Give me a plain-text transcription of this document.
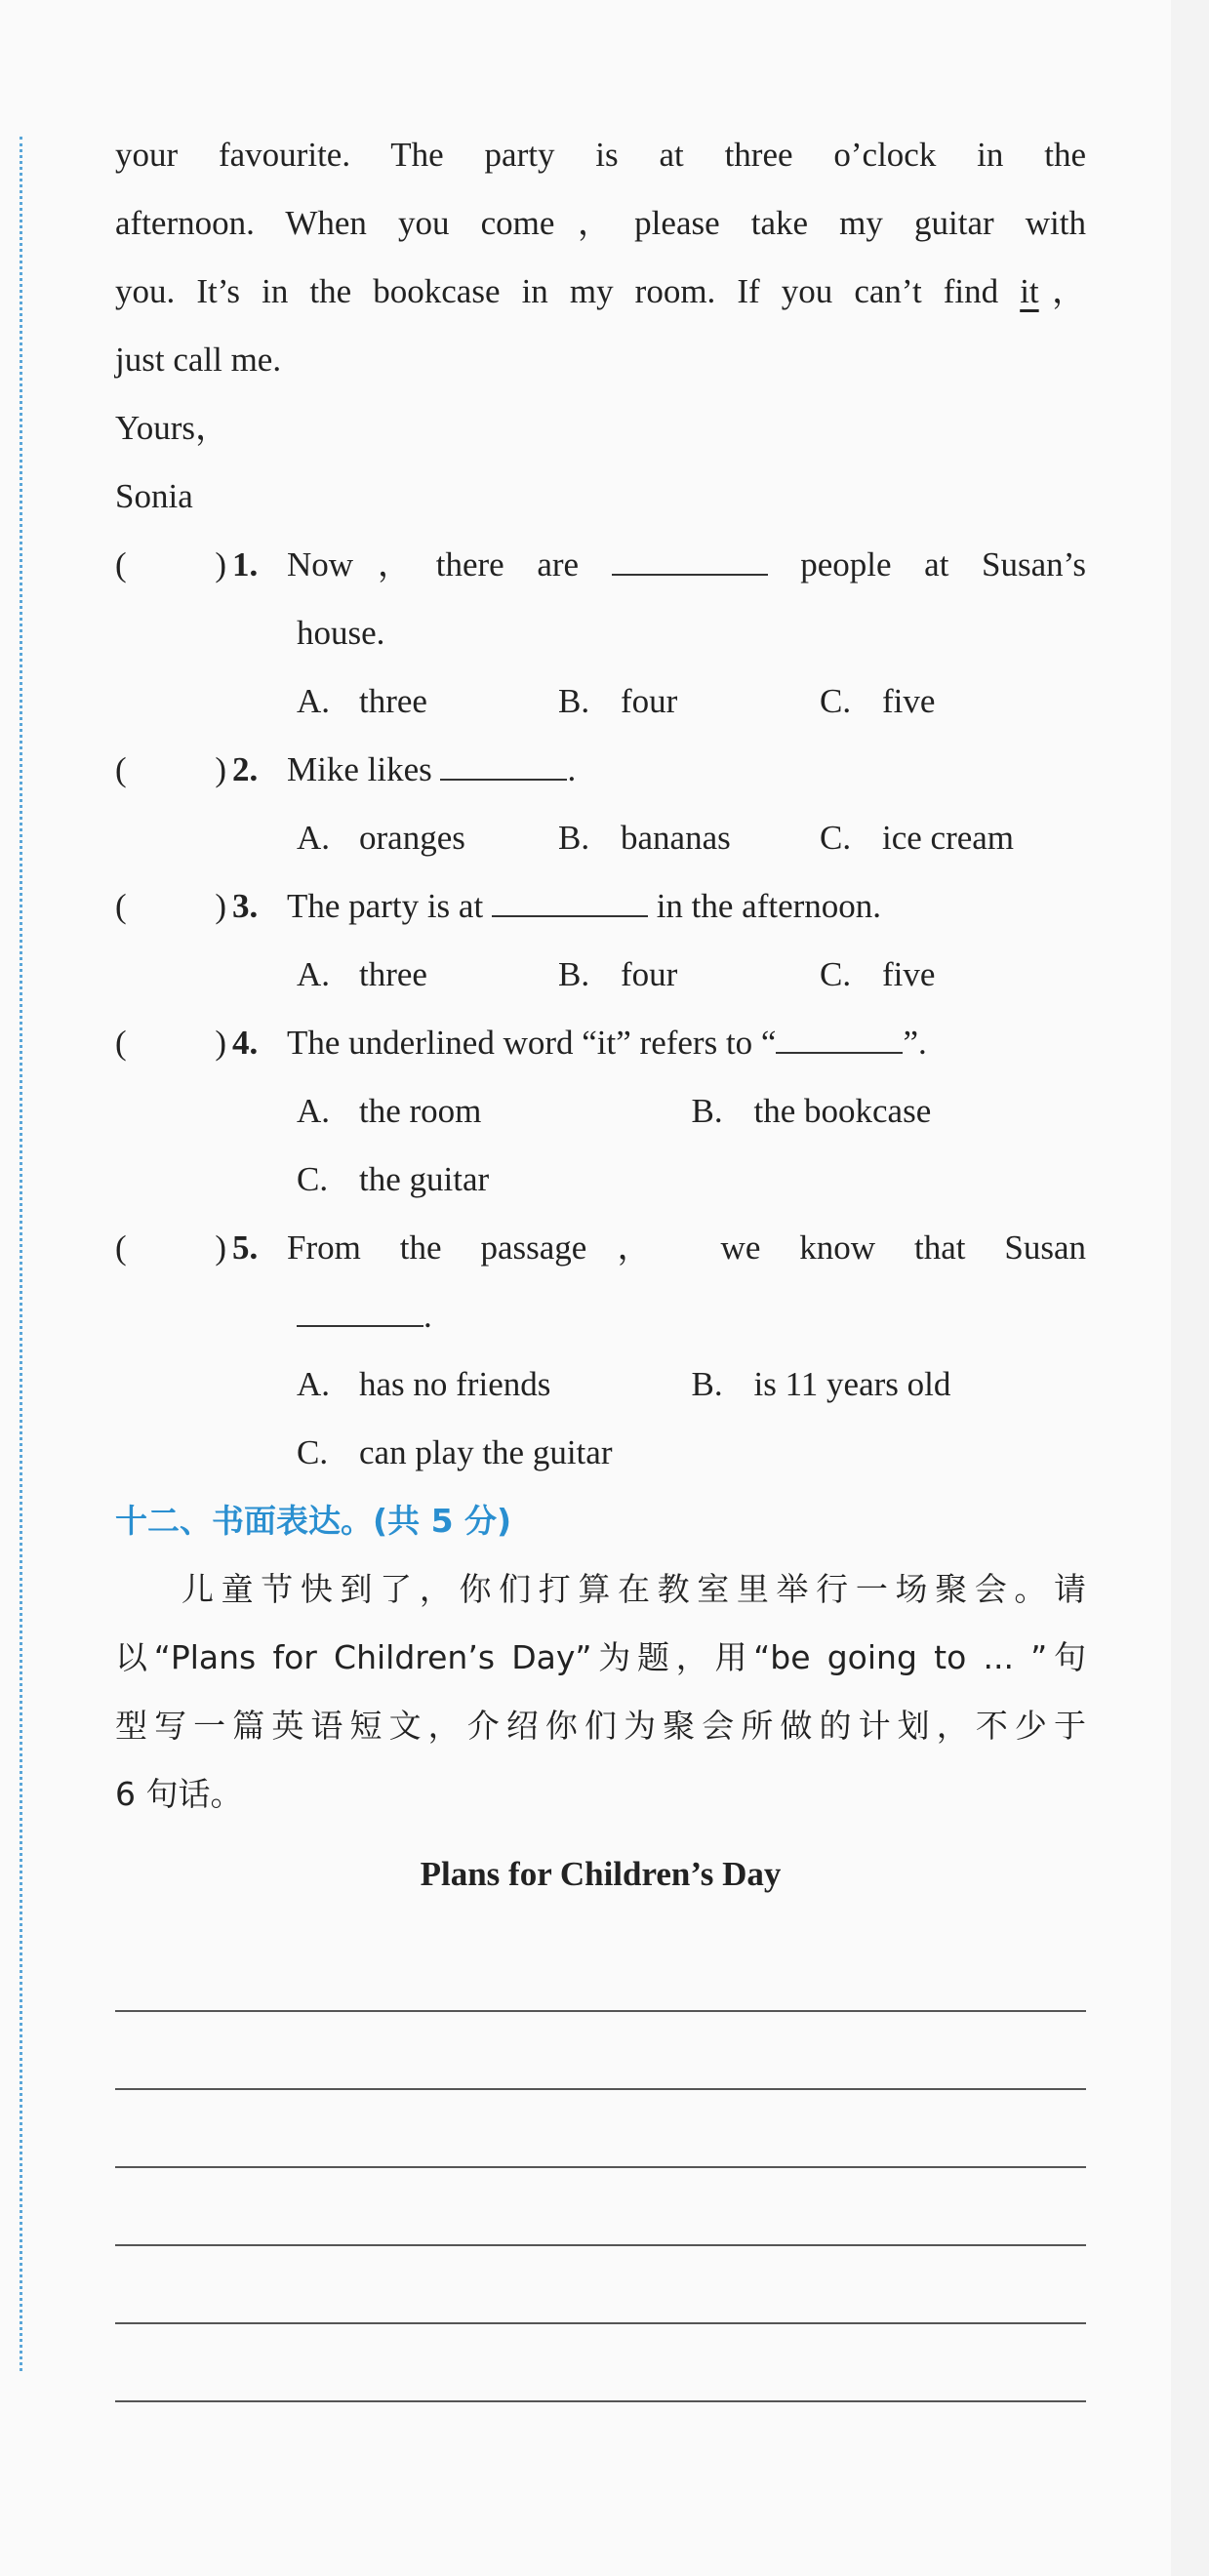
your favourite. The party is at three o’clock in the
afternoon. When you come，please take my guitar with
you. It’s in the bookcase in my room. If you can’t find it，
just call me.
Yours，
Sonia
(	) 1. Now，there are	people at Susan’s
house.
A. three	B. four	C. five
(	) 2. Mike likes	.
A. oranges	B. bananas	C. ice cream
(	) 3. The party is at	in the afternoon.
A. three	B. four	C. five
(	) 4. The underlined word “it” refers to “	”.
A. the room	B. the bookcase
C. the guitar
(	) 5. From the passage， we know that Susan
.
A. has no friends	B. is 11 years old
C. can play the guitar
十二、书面表达。(共 5 分)
儿童节快到了，你们打算在教室里举行一场聚会。请
以“Plans for Children’s Day”为题，用“be going to ... ”句
型写一篇英语短文，介绍你们为聚会所做的计划，不少于
6 句话。
Plans for Children’s Day
